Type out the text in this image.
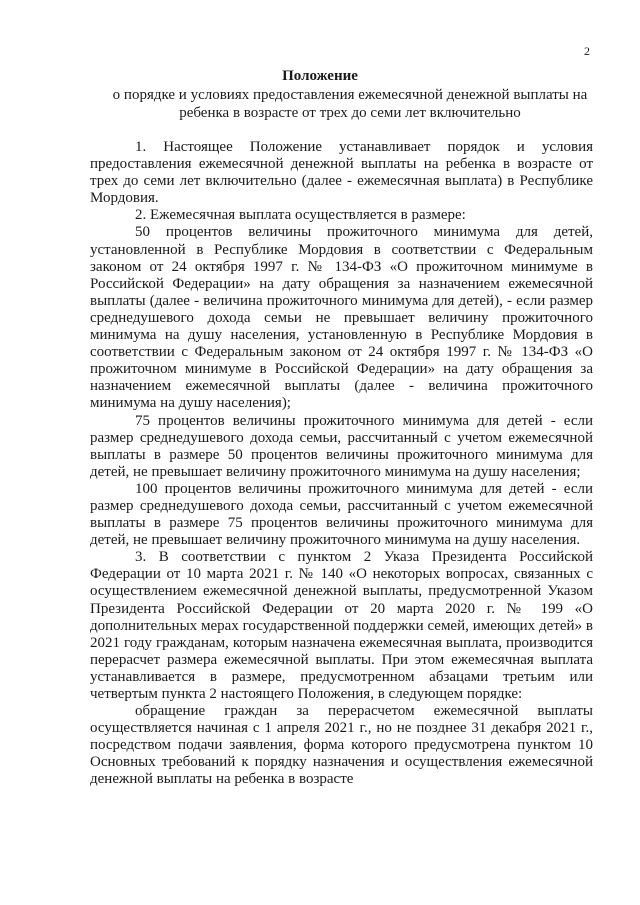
2
Положение
о порядке и условиях предоставления ежемесячной денежной выплаты на ребенка в возрасте от трех до семи лет включительно

1. Настоящее Положение устанавливает порядок и условия предоставления ежемесячной денежной выплаты на ребенка в возрасте от трех до семи лет включительно (далее - ежемесячная выплата) в Республике Мордовия.

2. Ежемесячная выплата осуществляется в размере:

50 процентов величины прожиточного минимума для детей, установленной в Республике Мордовия в соответствии с Федеральным законом от 24 октября 1997 г. № 134-ФЗ «О прожиточном минимуме в Российской Федерации» на дату обращения за назначением ежемесячной выплаты (далее - величина прожиточного минимума для детей), - если размер среднедушевого дохода семьи не превышает величину прожиточного минимума на душу населения, установленную в Республике Мордовия в соответствии с Федеральным законом от 24 октября 1997 г. № 134-ФЗ «О прожиточном минимуме в Российской Федерации» на дату обращения за назначением ежемесячной выплаты (далее - величина прожиточного минимума на душу населения);

75 процентов величины прожиточного минимума для детей - если размер среднедушевого дохода семьи, рассчитанный с учетом ежемесячной выплаты в размере 50 процентов величины прожиточного минимума для детей, не превышает величину прожиточного минимума на душу населения;

100 процентов величины прожиточного минимума для детей - если размер среднедушевого дохода семьи, рассчитанный с учетом ежемесячной выплаты в размере 75 процентов величины прожиточного минимума для детей, не превышает величину прожиточного минимума на душу населения.

3. В соответствии с пунктом 2 Указа Президента Российской Федерации от 10 марта 2021 г. № 140 «О некоторых вопросах, связанных с осуществлением ежемесячной денежной выплаты, предусмотренной Указом Президента Российской Федерации от 20 марта 2020 г. № 199 «О дополнительных мерах государственной поддержки семей, имеющих детей» в 2021 году гражданам, которым назначена ежемесячная выплата, производится перерасчет размера ежемесячной выплаты. При этом ежемесячная выплата устанавливается в размере, предусмотренном абзацами третьим или четвертым пункта 2 настоящего Положения, в следующем порядке:

обращение граждан за перерасчетом ежемесячной выплаты осуществляется начиная с 1 апреля 2021 г., но не позднее 31 декабря 2021 г., посредством подачи заявления, форма которого предусмотрена пунктом 10 Основных требований к порядку назначения и осуществления ежемесячной денежной выплаты на ребенка в возрасте
